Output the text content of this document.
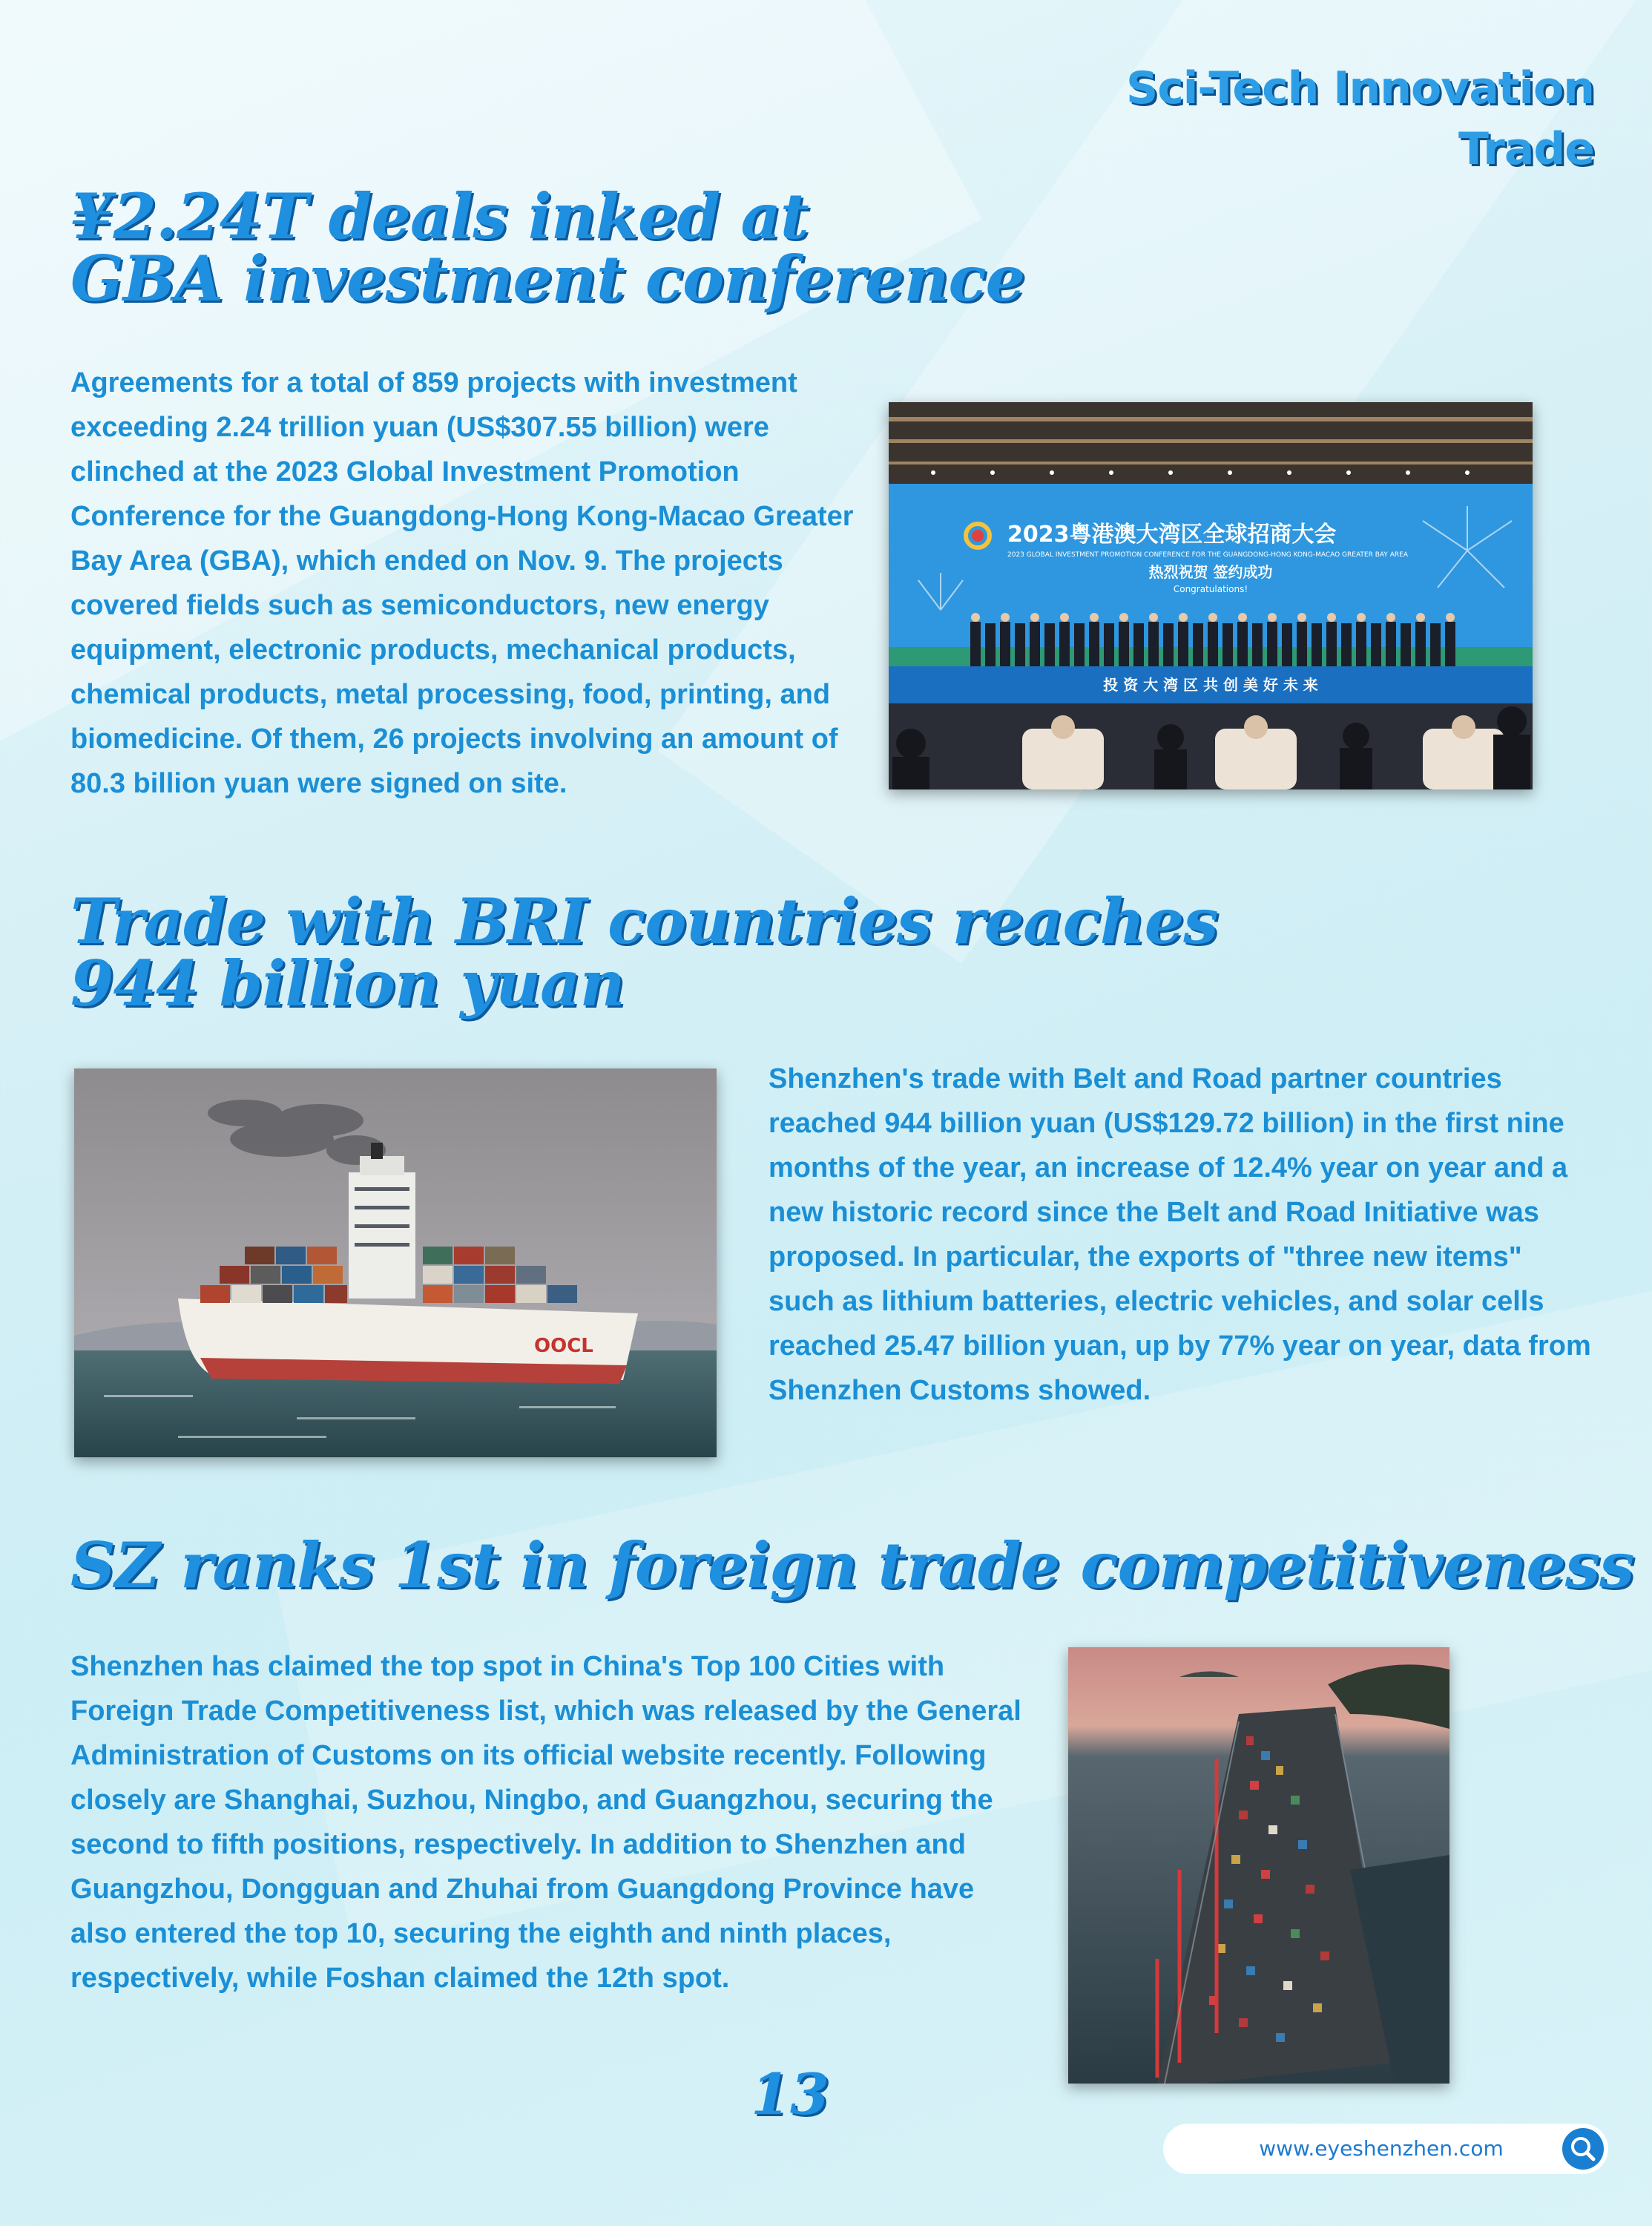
Sci-Tech Innovation
Trade
¥2.24T deals inked at
GBA investment conference

Agreements for a total of 859 projects with investment exceeding 2.24 trillion yuan (US$307.55 billion) were clinched at the 2023 Global Investment Promotion Conference for the Guangdong-Hong Kong-Macao Greater Bay Area (GBA), which ended on Nov. 9. The projects covered fields such as semiconductors, new energy equipment, electronic products, mechanical products, chemical products, metal processing, food, printing, and biomedicine. Of them, 26 projects involving an amount of 80.3 billion yuan were signed on site.

2023粤港澳大湾区全球招商大会
2023 GLOBAL INVESTMENT PROMOTION CONFERENCE FOR THE GUANGDONG-HONG KONG-MACAO GREATER BAY AREA
热烈祝贺 签约成功
Congratulations!
投 资 大 湾 区 共 创 美 好 未 来
Trade with BRI countries reaches
944 billion yuan
OOCL

Shenzhen's trade with Belt and Road partner countries reached 944 billion yuan (US$129.72 billion) in the first nine months of the year, an increase of 12.4% year on year and a new historic record since the Belt and Road Initiative was proposed. In particular, the exports of "three new items" such as lithium batteries, electric vehicles, and solar cells reached 25.47 billion yuan, up by 77% year on year, data from Shenzhen Customs showed.

SZ ranks 1st in foreign trade competitiveness

Shenzhen has claimed the top spot in China's Top 100 Cities with Foreign Trade Competitiveness list, which was released by the General Administration of Customs on its official website recently. Following closely are Shanghai, Suzhou, Ningbo, and Guangzhou, securing the second to fifth positions, respectively. In addition to Shenzhen and Guangzhou, Dongguan and Zhuhai from Guangdong Province have also entered the top 10, securing the eighth and ninth places, respectively, while Foshan claimed the 12th spot.

13
www.eyeshenzhen.com
